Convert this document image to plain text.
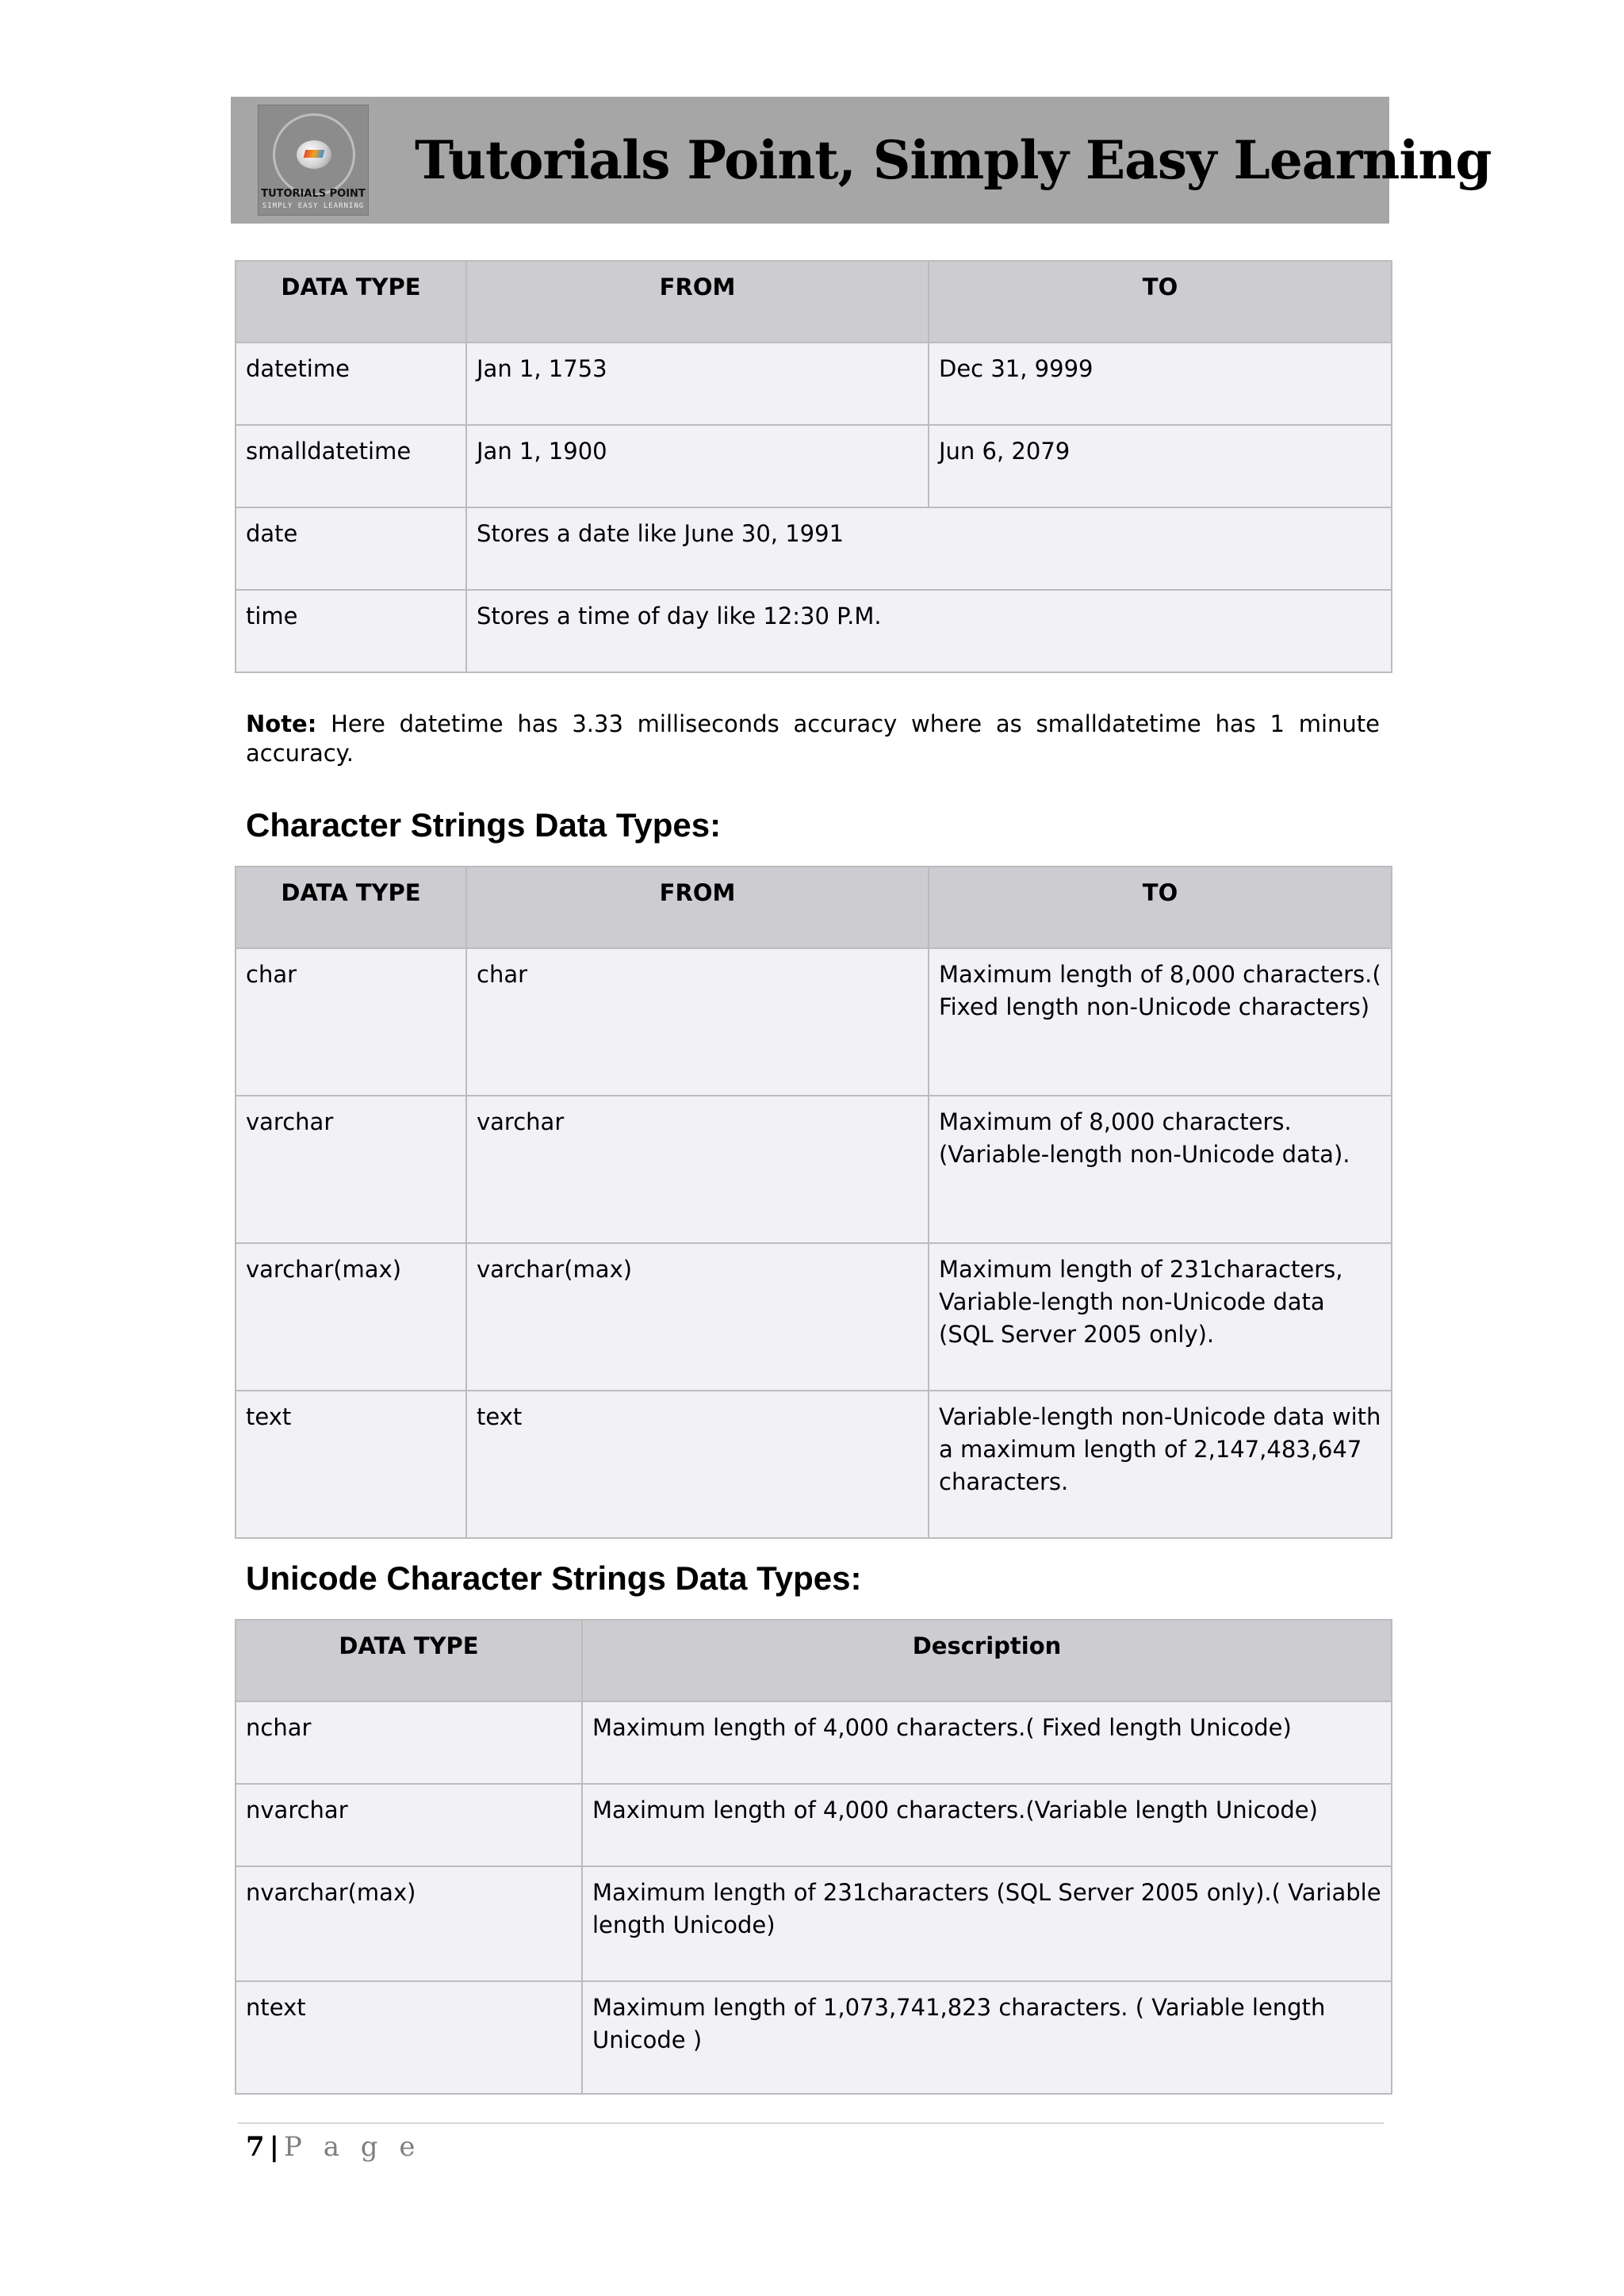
TUTORIALS POINT
SIMPLY EASY LEARNING
Tutorials Point, Simply Easy Learning
DATA TYPE	FROM	TO
datetime	Jan 1, 1753	Dec 31, 9999
smalldatetime	Jan 1, 1900	Jun 6, 2079
date	Stores a date like June 30, 1991	
time	Stores a time of day like 12:30 P.M.	
Note: Here datetime has 3.33 milliseconds accuracy where as smalldatetime has 1 minute accuracy.
Character Strings Data Types:
DATA TYPE	FROM	TO
char	char	Maximum length of 8,000 characters.( Fixed length non-Unicode characters)
varchar	varchar	Maximum of 8,000 characters.(Variable-length non-Unicode data).
varchar(max)	varchar(max)	Maximum length of 231characters, Variable-length non-Unicode data (SQL Server 2005 only).
text	text	Variable-length non-Unicode data with a maximum length of 2,147,483,647 characters.
Unicode Character Strings Data Types:
DATA TYPE	Description
nchar	Maximum length of 4,000 characters.( Fixed length Unicode)
nvarchar	Maximum length of 4,000 characters.(Variable length Unicode)
nvarchar(max)	Maximum length of 231characters (SQL Server 2005 only).( Variable length Unicode)
ntext	Maximum length of 1,073,741,823 characters. ( Variable length Unicode )
7 | P a g e
